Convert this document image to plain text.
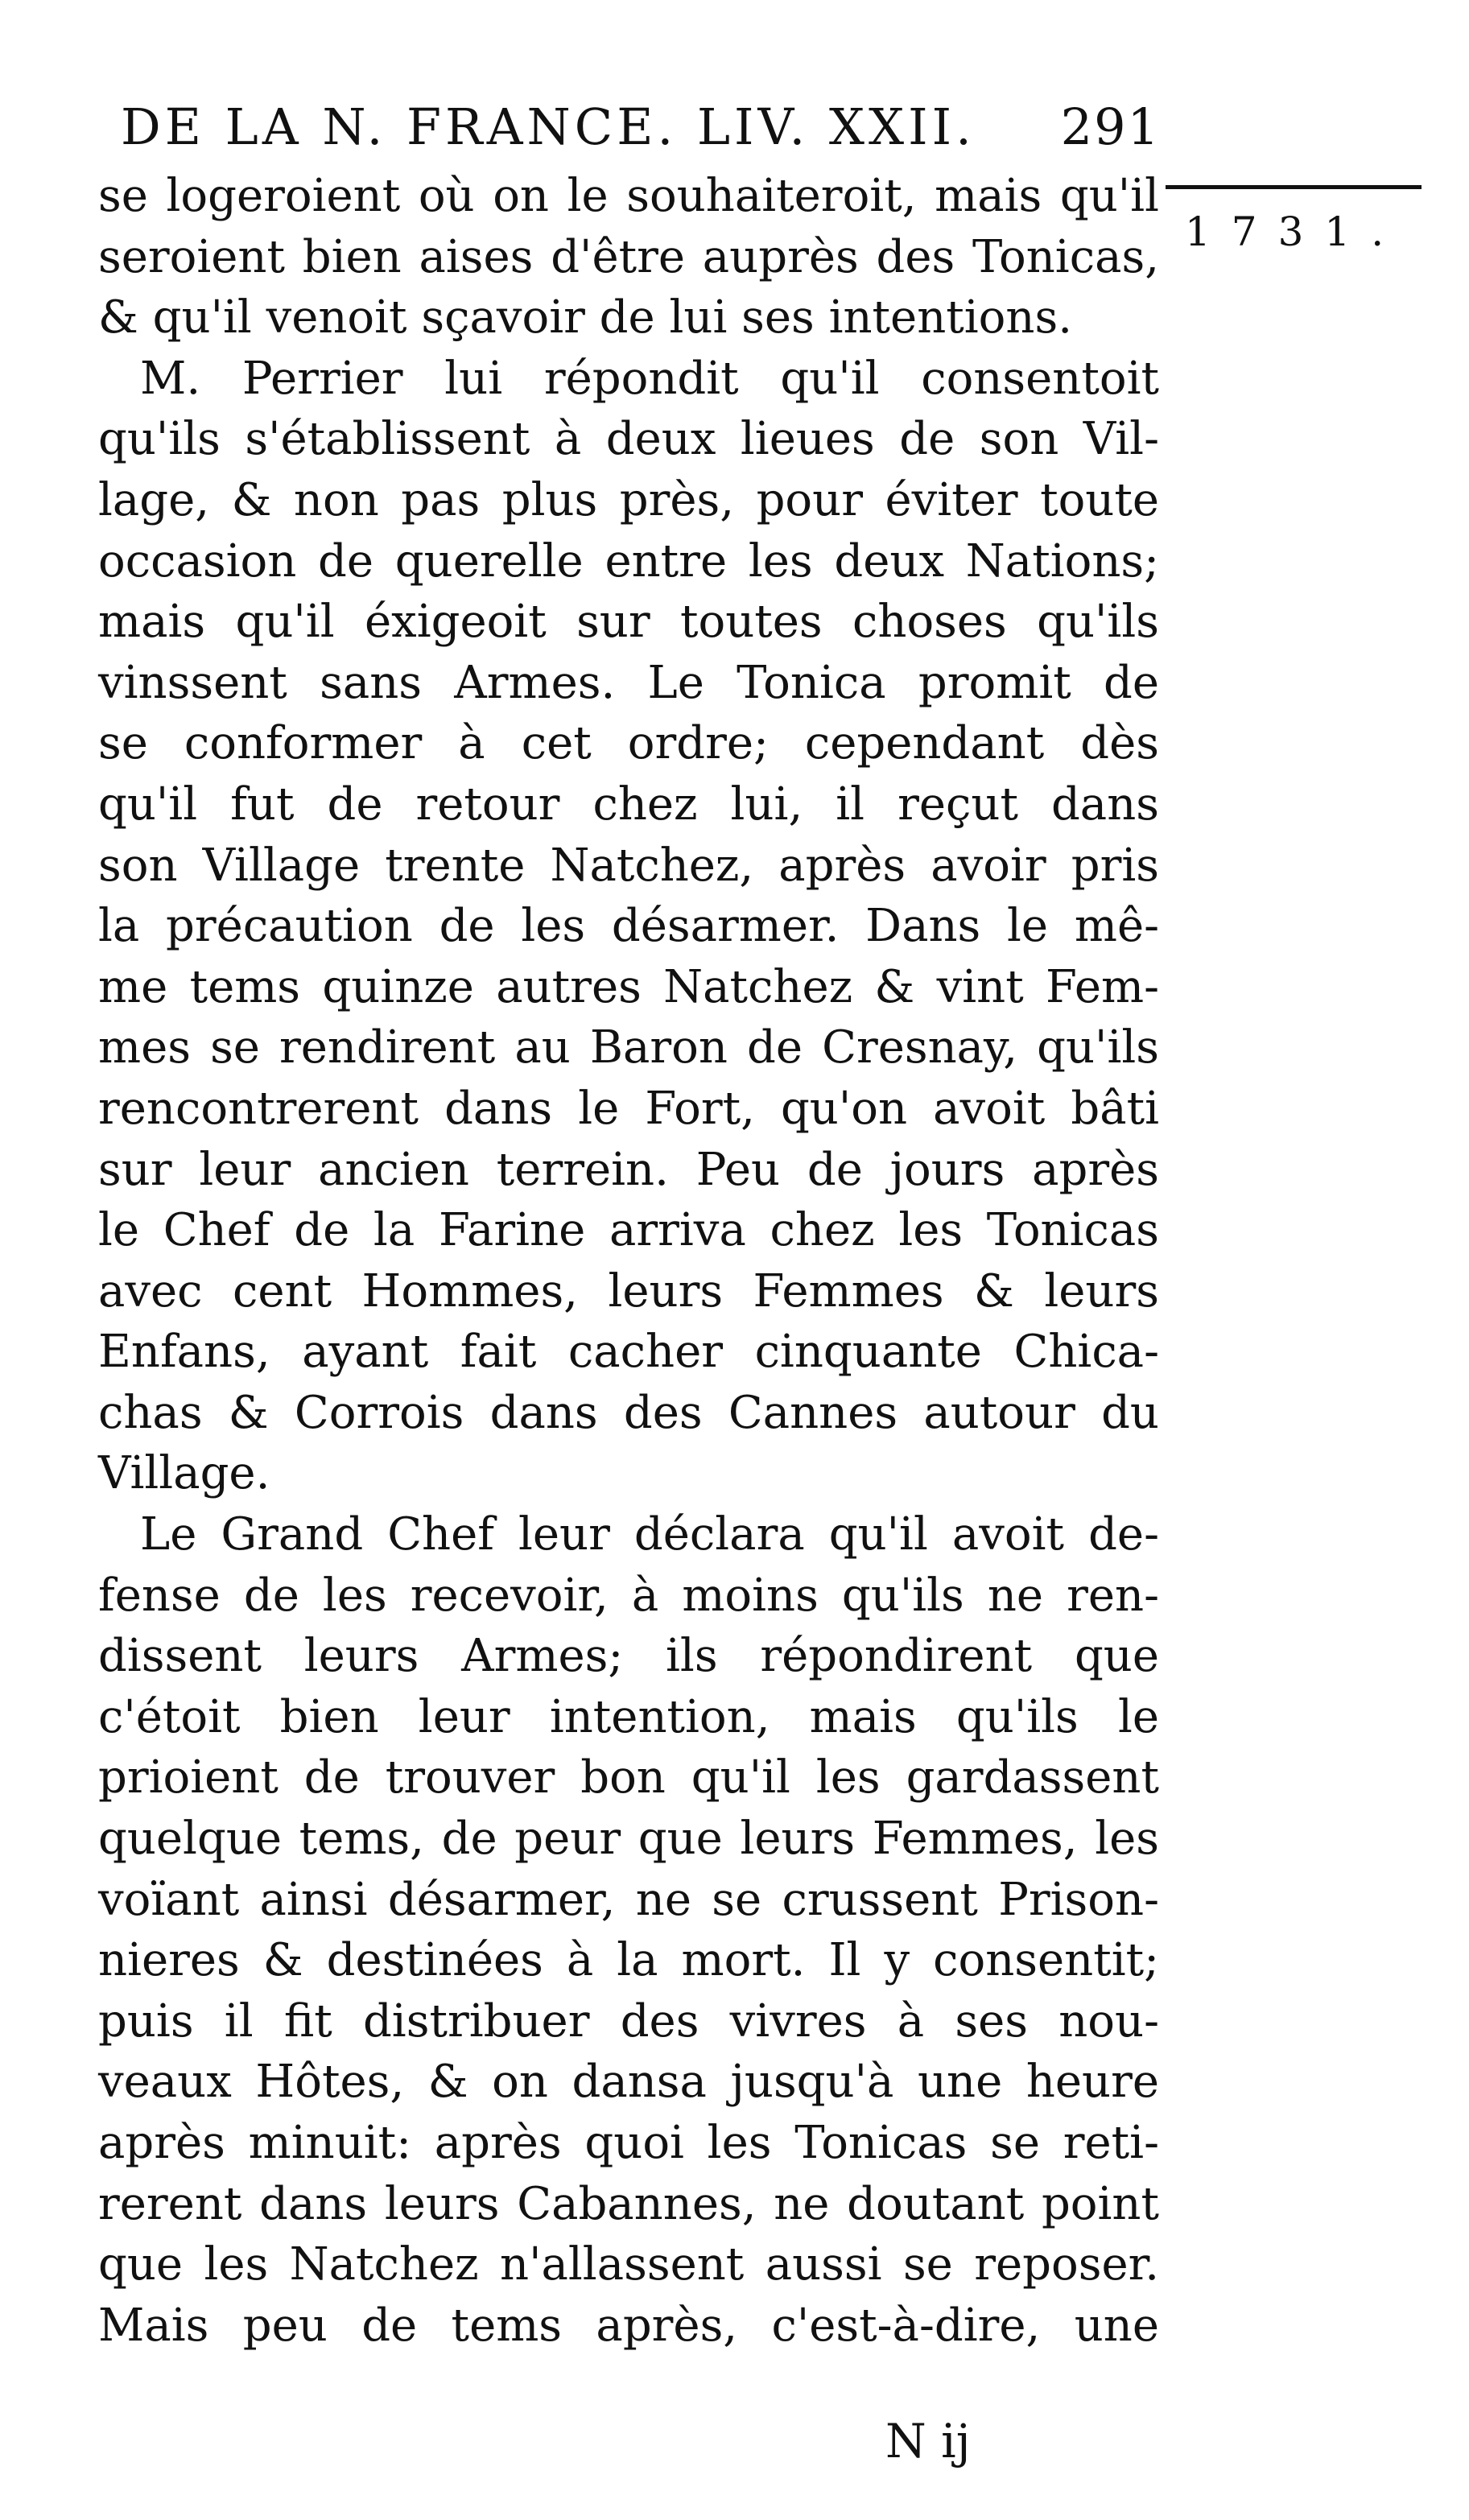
DE LA N. FRANCE. LIV. XXII. 291
1731.
se logeroient où on le souhaiteroit, mais qu'il
seroient bien aises d'être auprès des Tonicas,
& qu'il venoit sçavoir de lui ses intentions.
M. Perrier lui répondit qu'il consentoit
qu'ils s'établissent à deux lieues de son Vil-
lage, & non pas plus près, pour éviter toute
occasion de querelle entre les deux Nations;
mais qu'il éxigeoit sur toutes choses qu'ils
vinssent sans Armes. Le Tonica promit de
se conformer à cet ordre; cependant dès
qu'il fut de retour chez lui, il reçut dans
son Village trente Natchez, après avoir pris
la précaution de les désarmer. Dans le mê-
me tems quinze autres Natchez & vint Fem-
mes se rendirent au Baron de Cresnay, qu'ils
rencontrerent dans le Fort, qu'on avoit bâti
sur leur ancien terrein. Peu de jours après
le Chef de la Farine arriva chez les Tonicas
avec cent Hommes, leurs Femmes & leurs
Enfans, ayant fait cacher cinquante Chica-
chas & Corrois dans des Cannes autour du
Village.
Le Grand Chef leur déclara qu'il avoit de-
fense de les recevoir, à moins qu'ils ne ren-
dissent leurs Armes; ils répondirent que
c'étoit bien leur intention, mais qu'ils le
prioient de trouver bon qu'il les gardassent
quelque tems, de peur que leurs Femmes, les
voïant ainsi désarmer, ne se crussent Prison-
nieres & destinées à la mort. Il y consentit;
puis il fit distribuer des vivres à ses nou-
veaux Hôtes, & on dansa jusqu'à une heure
après minuit: après quoi les Tonicas se reti-
rerent dans leurs Cabannes, ne doutant point
que les Natchez n'allassent aussi se reposer.
Mais peu de tems après, c'est-à-dire, une
N ij
